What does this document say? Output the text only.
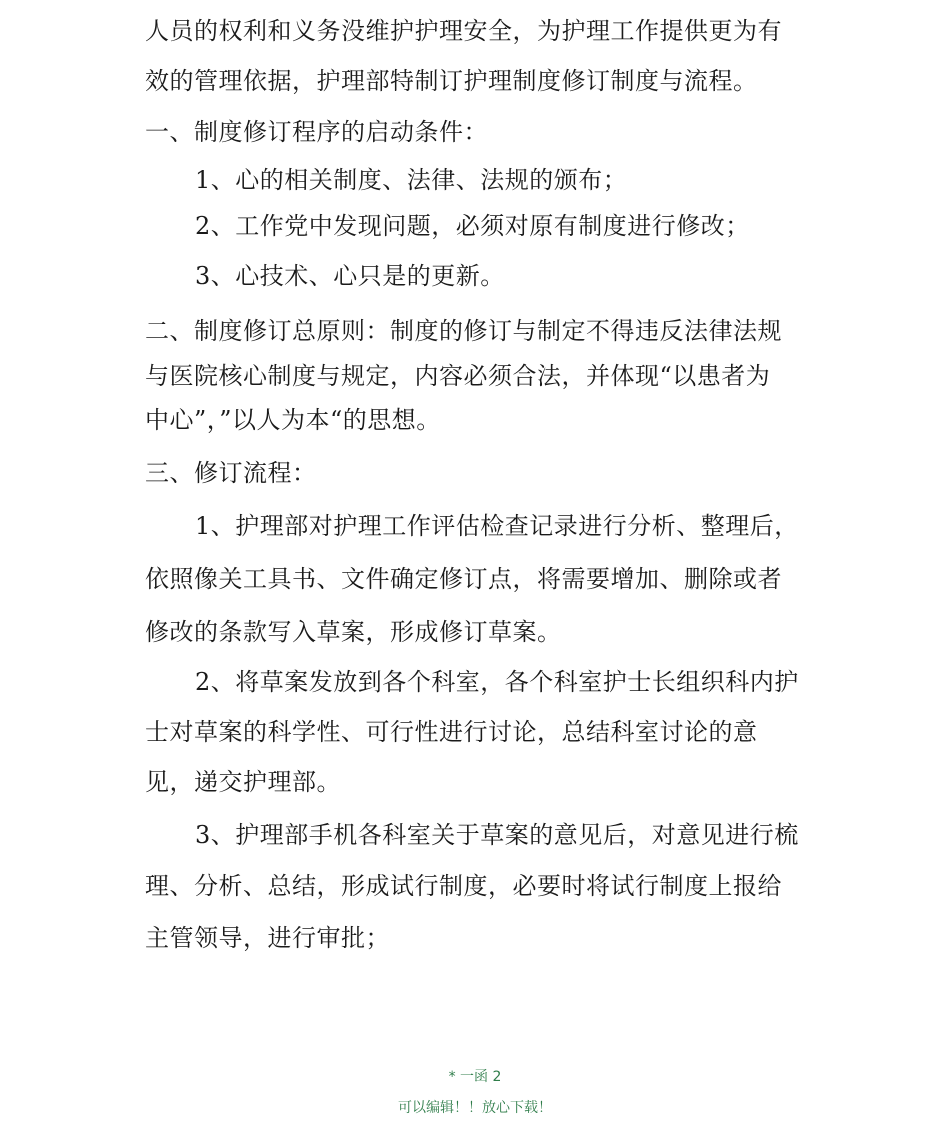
人员的权利和义务没维护护理安全，为护理工作提供更为有
效的管理依据，护理部特制订护理制度修订制度与流程。
一、制度修订程序的启动条件：
1、心的相关制度、法律、法规的颁布；
2、工作党中发现问题，必须对原有制度进行修改；
3、心技术、心只是的更新。
二、制度修订总原则：制度的修订与制定不得违反法律法规
与医院核心制度与规定，内容必须合法，并体现“以患者为
中心”，”以人为本“的思想。
三、修订流程：
1、护理部对护理工作评估检查记录进行分析、整理后，
依照像关工具书、文件确定修订点，将需要增加、删除或者
修改的条款写入草案，形成修订草案。
2、将草案发放到各个科室，各个科室护士长组织科内护
士对草案的科学性、可行性进行讨论，总结科室讨论的意
见，递交护理部。
3、护理部手机各科室关于草案的意见后，对意见进行梳
理、分析、总结，形成试行制度，必要时将试行制度上报给
主管领导，进行审批；
* 一函 2
可以编辑！！放心下载！
